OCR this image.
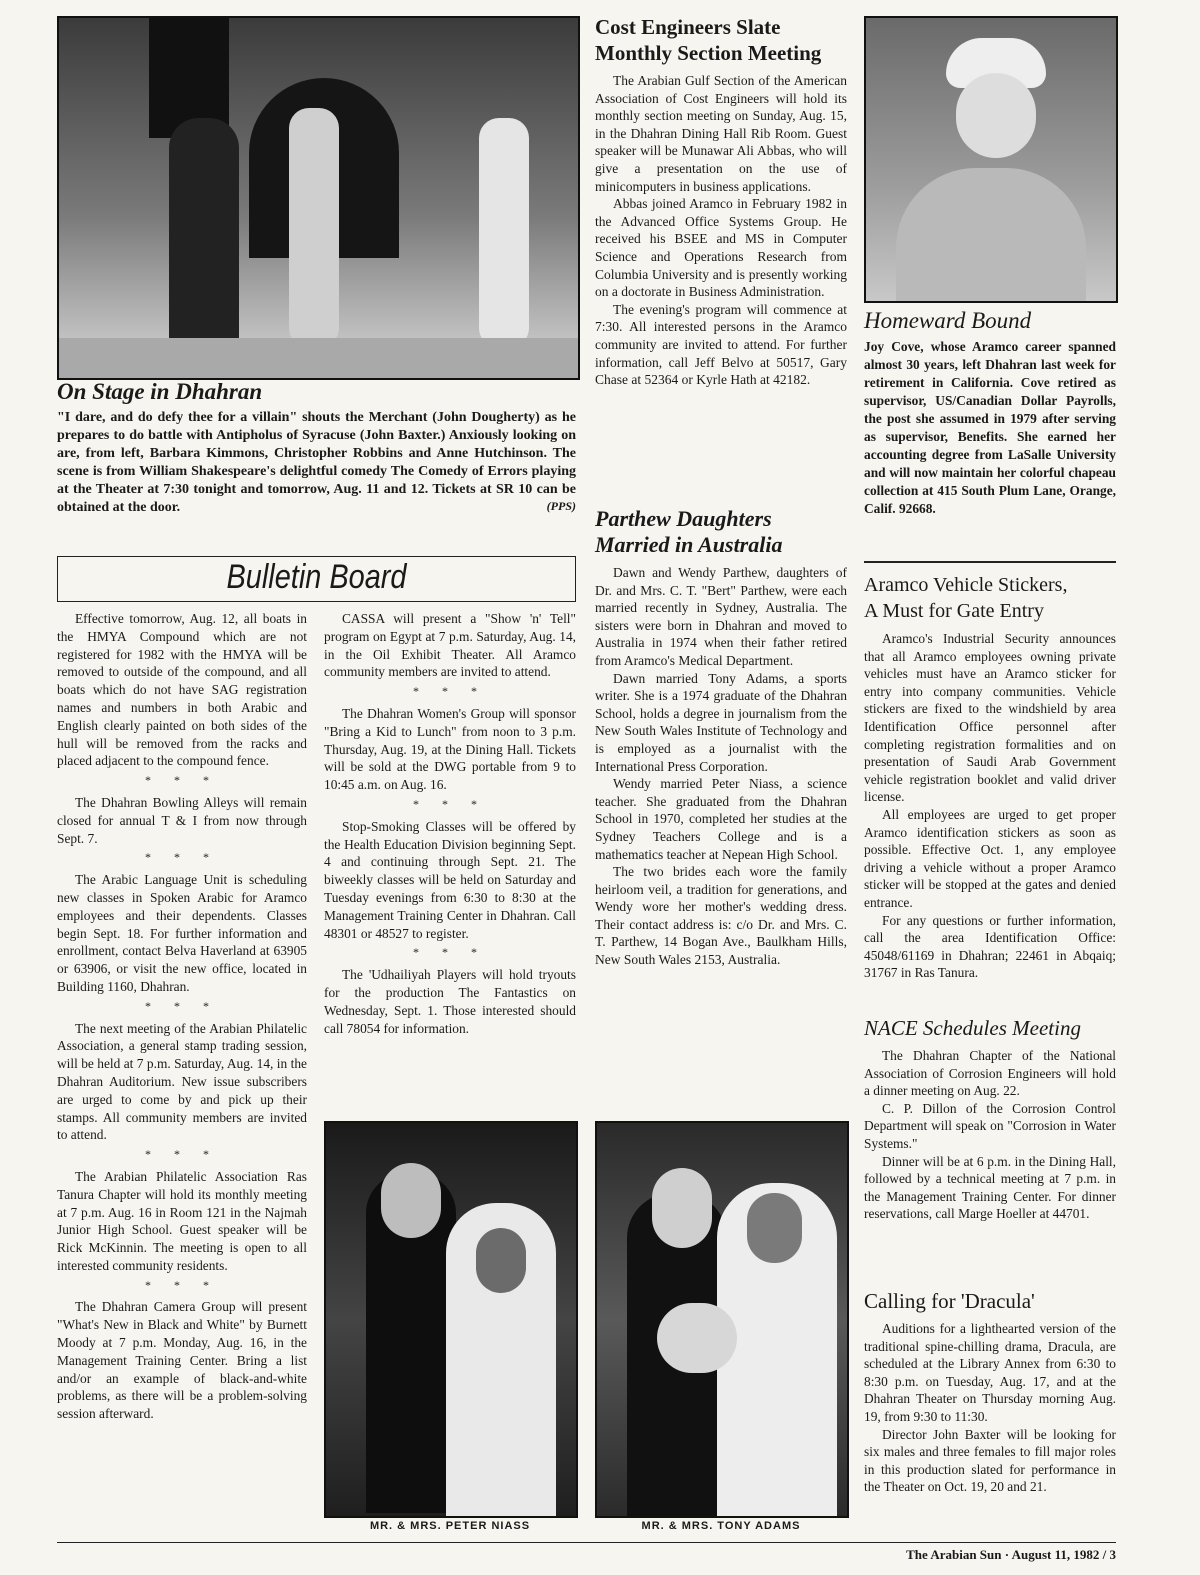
On Stage in Dhahran

"I dare, and do defy thee for a villain" shouts the Merchant (John Dougherty) as he prepares to do battle with Antipholus of Syracuse (John Baxter.) Anxiously looking on are, from left, Barbara Kimmons, Christopher Robbins and Anne Hutchinson. The scene is from William Shakespeare's delightful comedy The Comedy of Errors playing at the Theater at 7:30 tonight and tomorrow, Aug. 11 and 12. Tickets at SR 10 can be obtained at the door.	(PPS)
Cost Engineers Slate
Monthly Section Meeting

The Arabian Gulf Section of the American Association of Cost Engineers will hold its monthly section meeting on Sunday, Aug. 15, in the Dhahran Dining Hall Rib Room. Guest speaker will be Munawar Ali Abbas, who will give a presentation on the use of minicomputers in business applications.

Abbas joined Aramco in February 1982 in the Advanced Office Systems Group. He received his BSEE and MS in Computer Science and Operations Research from Columbia University and is presently working on a doctorate in Business Administration.

The evening's program will commence at 7:30. All interested persons in the Aramco community are invited to attend. For further information, call Jeff Belvo at 50517, Gary Chase at 52364 or Kyrle Hath at 42182.

Parthew Daughters
Married in Australia

Dawn and Wendy Parthew, daughters of Dr. and Mrs. C. T. "Bert" Parthew, were each married recently in Sydney, Australia. The sisters were born in Dhahran and moved to Australia in 1974 when their father retired from Aramco's Medical Department.

Dawn married Tony Adams, a sports writer. She is a 1974 graduate of the Dhahran School, holds a degree in journalism from the New South Wales Institute of Technology and is employed as a journalist with the International Press Corporation.

Wendy married Peter Niass, a science teacher. She graduated from the Dhahran School in 1970, completed her studies at the Sydney Teachers College and is a mathematics teacher at Nepean High School.

The two brides each wore the family heirloom veil, a tradition for generations, and Wendy wore her mother's wedding dress. Their contact address is: c/o Dr. and Mrs. C. T. Parthew, 14 Bogan Ave., Baulkham Hills, New South Wales 2153, Australia.

Homeward Bound

Joy Cove, whose Aramco career spanned almost 30 years, left Dhahran last week for retirement in California. Cove retired as supervisor, US/Canadian Dollar Payrolls, the post she assumed in 1979 after serving as supervisor, Benefits. She earned her accounting degree from LaSalle University and will now maintain her colorful chapeau collection at 415 South Plum Lane, Orange, Calif. 92668.

Aramco Vehicle Stickers,
A Must for Gate Entry

Aramco's Industrial Security announces that all Aramco employees owning private vehicles must have an Aramco sticker for entry into company communities. Vehicle stickers are fixed to the windshield by area Identification Office personnel after completing registration formalities and on presentation of Saudi Arab Government vehicle registration booklet and valid driver license.

All employees are urged to get proper Aramco identification stickers as soon as possible. Effective Oct. 1, any employee driving a vehicle without a proper Aramco sticker will be stopped at the gates and denied entrance.

For any questions or further information, call the area Identification Office: 45048/61169 in Dhahran; 22461 in Abqaiq; 31767 in Ras Tanura.

NACE Schedules Meeting

The Dhahran Chapter of the National Association of Corrosion Engineers will hold a dinner meeting on Aug. 22.

C. P. Dillon of the Corrosion Control Department will speak on "Corrosion in Water Systems."

Dinner will be at 6 p.m. in the Dining Hall, followed by a technical meeting at 7 p.m. in the Management Training Center. For dinner reservations, call Marge Hoeller at 44701.

Calling for 'Dracula'

Auditions for a lighthearted version of the traditional spine-chilling drama, Dracula, are scheduled at the Library Annex from 6:30 to 8:30 p.m. on Tuesday, Aug. 17, and at the Dhahran Theater on Thursday morning Aug. 19, from 9:30 to 11:30.

Director John Baxter will be looking for six males and three females to fill major roles in this production slated for performance in the Theater on Oct. 19, 20 and 21.

Bulletin Board

Effective tomorrow, Aug. 12, all boats in the HMYA Compound which are not registered for 1982 with the HMYA will be removed to outside of the compound, and all boats which do not have SAG registration names and numbers in both Arabic and English clearly painted on both sides of the hull will be removed from the racks and placed adjacent to the compound fence.

* * *

The Dhahran Bowling Alleys will remain closed for annual T & I from now through Sept. 7.

* * *

The Arabic Language Unit is scheduling new classes in Spoken Arabic for Aramco employees and their dependents. Classes begin Sept. 18. For further information and enrollment, contact Belva Haverland at 63905 or 63906, or visit the new office, located in Building 1160, Dhahran.

* * *

The next meeting of the Arabian Philatelic Association, a general stamp trading session, will be held at 7 p.m. Saturday, Aug. 14, in the Dhahran Auditorium. New issue subscribers are urged to come by and pick up their stamps. All community members are invited to attend.

* * *

The Arabian Philatelic Association Ras Tanura Chapter will hold its monthly meeting at 7 p.m. Aug. 16 in Room 121 in the Najmah Junior High School. Guest speaker will be Rick McKinnin. The meeting is open to all interested community residents.

* * *

The Dhahran Camera Group will present "What's New in Black and White" by Burnett Moody at 7 p.m. Monday, Aug. 16, in the Management Training Center. Bring a list and/or an example of black-and-white problems, as there will be a problem-solving session afterward.

CASSA will present a "Show 'n' Tell" program on Egypt at 7 p.m. Saturday, Aug. 14, in the Oil Exhibit Theater. All Aramco community members are invited to attend.

* * *

The Dhahran Women's Group will sponsor "Bring a Kid to Lunch" from noon to 3 p.m. Thursday, Aug. 19, at the Dining Hall. Tickets will be sold at the DWG portable from 9 to 10:45 a.m. on Aug. 16.

* * *

Stop-Smoking Classes will be offered by the Health Education Division beginning Sept. 4 and continuing through Sept. 21. The biweekly classes will be held on Saturday and Tuesday evenings from 6:30 to 8:30 at the Management Training Center in Dhahran. Call 48301 or 48527 to register.

* * *

The 'Udhailiyah Players will hold tryouts for the production The Fantastics on Wednesday, Sept. 1. Those interested should call 78054 for information.

MR. & MRS. PETER NIASS	MR. & MRS. TONY ADAMS
The Arabian Sun · August 11, 1982 / 3
